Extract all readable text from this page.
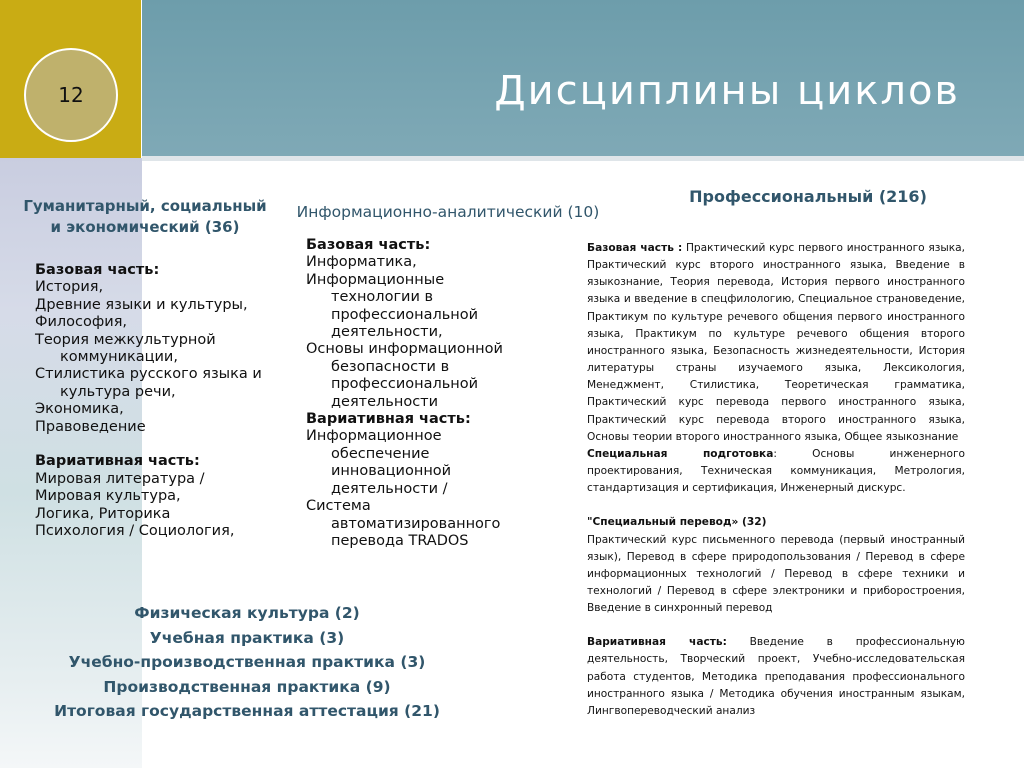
12	Дисциплины циклов
Гуманитарный, социальный
и экономический (36)
Базовая часть:
История,
Древние языки и культуры,
Философия,
Теория межкультурной коммуникации,
Стилистика русского языка и культура речи,
Экономика,
Правоведение
Вариативная часть:
Мировая литература /
Мировая культура,
Логика, Риторика
Психология / Социология,
Информационно-аналитический (10)
Базовая часть:
Информатика,
Информационные технологии в профессиональной деятельности,
Основы информационной безопасности в профессиональной деятельности
Вариативная часть:
Информационное обеспечение инновационной деятельности /
Система автоматизированного перевода TRADOS
Профессиональный (216)

Базовая часть : Практический курс первого иностранного языка, Практический курс второго иностранного языка, Введение в языкознание, Теория перевода, История первого иностранного языка и введение в спецфилологию, Специальное страноведение, Практикум по культуре речевого общения первого иностранного языка, Практикум по культуре речевого общения второго иностранного языка, Безопасность жизнедеятельности, История литературы страны изучаемого языка, Лексикология, Менеджмент, Стилистика, Теоретическая грамматика, Практический курс перевода первого иностранного языка, Практический курс перевода второго иностранного языка, Основы теории второго иностранного языка, Общее языкознание

Специальная подготовка: Основы инженерного проектирования, Техническая коммуникация, Метрология, стандартизация и сертификация, Инженерный дискурс.

"Специальный перевод» (32)

Практический курс письменного перевода (первый иностранный язык), Перевод в сфере природопользования / Перевод в сфере информационных технологий / Перевод в сфере техники и технологий / Перевод в сфере электроники и приборостроения, Введение в синхронный перевод

Вариативная часть: Введение в профессиональную деятельность, Творческий проект, Учебно-исследовательская работа студентов, Методика преподавания профессионального иностранного языка / Методика обучения иностранным языкам, Лингвопереводческий анализ

Физическая культура (2)
Учебная практика (3)
Учебно-производственная практика (3)
Производственная практика (9)
Итоговая государственная аттестация (21)
